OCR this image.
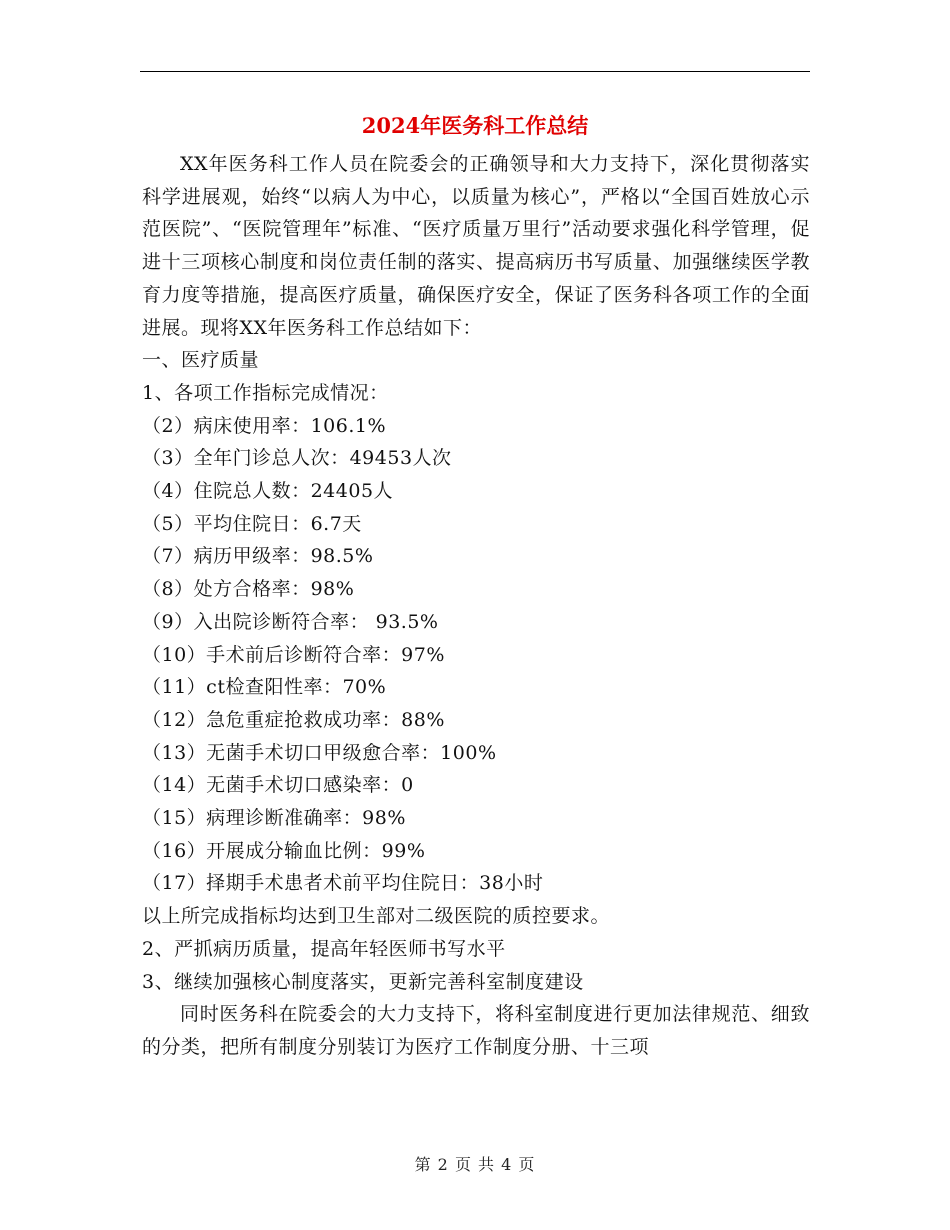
2024年医务科工作总结

XX年医务科工作人员在院委会的正确领导和大力支持下，深化贯彻落实科学进展观，始终“以病人为中心，以质量为核心”，严格以“全国百姓放心示范医院”、“医院管理年”标准、“医疗质量万里行”活动要求强化科学管理，促进十三项核心制度和岗位责任制的落实、提高病历书写质量、加强继续医学教育力度等措施，提高医疗质量，确保医疗安全，保证了医务科各项工作的全面进展。现将XX年医务科工作总结如下：

一、医疗质量

1、各项工作指标完成情况：

（2）病床使用率：106.1%

（3）全年门诊总人次：49453人次

（4）住院总人数：24405人

（5）平均住院日：6.7天

（7）病历甲级率：98.5%

（8）处方合格率：98%

（9）入出院诊断符合率： 93.5%

（10）手术前后诊断符合率：97%

（11）ct检查阳性率：70%

（12）急危重症抢救成功率：88%

（13）无菌手术切口甲级愈合率：100%

（14）无菌手术切口感染率：0

（15）病理诊断准确率：98%

（16）开展成分输血比例：99%

（17）择期手术患者术前平均住院日：38小时

以上所完成指标均达到卫生部对二级医院的质控要求。

2、严抓病历质量，提高年轻医师书写水平

3、继续加强核心制度落实，更新完善科室制度建设

同时医务科在院委会的大力支持下，将科室制度进行更加法律规范、细致的分类，把所有制度分别装订为医疗工作制度分册、十三项

第 2 页 共 4 页
